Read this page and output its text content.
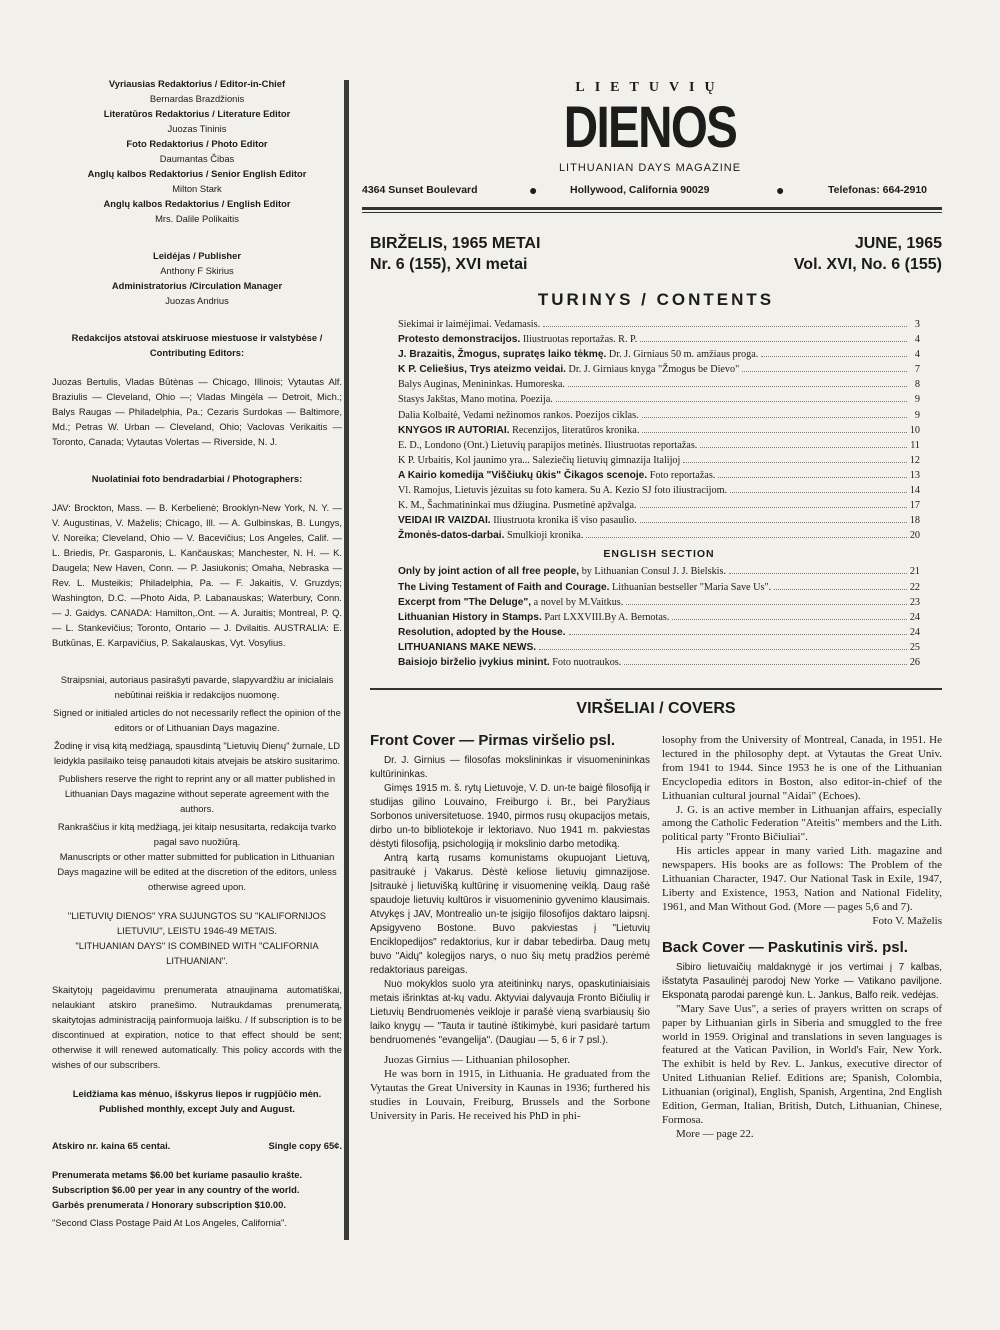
Vyriausias Redaktorius / Editor-in-Chief
Bernardas Brazdžionis
Literatūros Redaktorius / Literature Editor
Juozas Tininis
Foto Redaktorius / Photo Editor
Daumantas Čibas
Anglų kalbos Redaktorius / Senior English Editor
Milton Stark
Anglų kalbos Redaktorius / English Editor
Mrs. Dalile Polikaitis
Leidėjas / Publisher
Anthony F Skirius
Administratorius /Circulation Manager
Juozas Andrius
Redakcijos atstovai atskiruose miestuose ir valstybėse / Contributing Editors:
Juozas Bertulis, Vladas Būtėnas — Chicago, Illinois; Vytautas Alf. Braziulis — Cleveland, Ohio —; Vladas Mingėla — Detroit, Mich.; Balys Raugas — Philadelphia, Pa.; Cezaris Surdokas — Baltimore, Md.; Petras W. Urban — Cleveland, Ohio; Vaclovas Verikaitis — Toronto, Canada; Vytautas Volertas — Riverside, N. J.
Nuolatiniai foto bendradarbiai / Photographers:
JAV: Brockton, Mass. — B. Kerbelienė; Brooklyn-New York, N. Y. — V. Augustinas, V. Maželis; Chicago, Ill. — A. Gulbinskas, B. Lungys, V. Noreika; Cleveland, Ohio — V. Bacevičius; Los Angeles, Calif. — L. Briedis, Pr. Gasparonis, L. Kančauskas; Manchester, N. H. — K. Daugela; New Haven, Conn. — P. Jasiukonis; Omaha, Nebraska — Rev. L. Musteikis; Philadelphia, Pa. — F. Jakaitis, V. Gruzdys; Washington, D.C. —Photo Aida, P. Labanauskas; Waterbury, Conn. — J. Gaidys. CANADA: Hamilton,.Ont. — A. Juraitis; Montreal, P. Q. — L. Stankevičius; Toronto, Ontario — J. Dvilaitis. AUSTRALIA: E. Butkūnas, E. Karpavičius, P. Sakalauskas, Vyt. Vosylius.
Straipsniai, autoriaus pasirašyti pavarde, slapyvardžiu ar inicialais nebūtinai reiškia ir redakcijos nuomonę.
Signed or initialed articles do not necessarily reflect the opinion of the editors or of Lithuanian Days magazine.
Žodinę ir visą kitą medžiagą, spausdintą "Lietuvių Dienų" žurnale, LD leidykla pasilaiko teisę panaudoti kitais atvejais be atskiro susitarimo.
Publishers reserve the right to reprint any or all matter published in Lithuanian Days magazine without seperate agreement with the authors.
Rankraščius ir kitą medžiagą, jei kitaip nesusitarta, redakcija tvarko pagal savo nuožiūrą.
Manuscripts or other matter submitted for publication in Lithuanian Days magazine will be edited at the discretion of the editors, unless otherwise agreed upon.
"LIETUVIŲ DIENOS" YRA SUJUNGTOS SU "KALIFORNIJOS LIETUVIU", LEISTU 1946-49 METAIS.
"LITHUANIAN DAYS" IS COMBINED WITH "CALIFORNIA LITHUANIAN".
Skaitytojų pageidavimu prenumerata atnaujinama automatiškai, nelaukiant atskiro pranešimo. Nutraukdamas prenumeratą, skaitytojas administraciją painformuoja laišku. / If subscription is to be discontinued at expiration, notice to that effect should be sent; otherwise it will renewed automatically. This policy accords with the wishes of our subscribers.
Leidžiama kas mėnuo, išskyrus liepos ir rugpjūčio mėn.
Published monthly, except July and August.
Atskiro nr. kaina 65 centai.	Single copy 65¢.
Prenumerata metams $6.00 bet kuriame pasaulio krašte.
Subscription $6.00 per year in any country of the world.
Garbės prenumerata / Honorary subscription $10.00.
"Second Class Postage Paid At Los Angeles, California".
LIETUVIŲ
DIENOS
LITHUANIAN DAYS MAGAZINE
4364 Sunset Boulevard	●	Hollywood, California 90029	●	Telefonas: 664-2910
BIRŽELIS, 1965 METAI
Nr. 6 (155), XVI metai
JUNE, 1965
Vol. XVI, No. 6 (155)
TURINYS / CONTENTS
Siekimai ir laimėjimai. Vedamasis.	3
Protesto demonstracijos. Iliustruotas reportažas. R. P.	4
J. Brazaitis, Žmogus, supratęs laiko tėkmę. Dr. J. Girniaus 50 m. amžiaus proga.	4
K P. Celiešius, Trys ateizmo veidai. Dr. J. Girniaus knyga "Žmogus be Dievo"	7
Balys Auginas, Menininkas. Humoreska.	8
Stasys Jakštas, Mano motina. Poezija.	9
Dalia Kolbaitė, Vedami nežinomos rankos. Poezijos ciklas.	9
KNYGOS IR AUTORIAI. Recenzijos, literatūros kronika.	10
E. D., Londono (Ont.) Lietuvių parapijos metinės. Iliustruotas reportažas.	11
K P. Urbaitis, Kol jaunimo yra... Saleziečių lietuvių gimnazija Italijoj	12
A Kairio komedija "Viščiukų ūkis" Čikagos scenoje. Foto reportažas.	13
Vl. Ramojus, Lietuvis jėzuitas su foto kamera. Su A. Kezio SJ foto iliustracijom.	14
K. M., Šachmatininkai mus džiugina. Pusmetinė apžvalga.	17
VEIDAI IR VAIZDAI. Iliustruota kronika iš viso pasaulio.	18
Žmonės-datos-darbai. Smulkioji kronika.	20
ENGLISH SECTION
Only by joint action of all free people, by Lithuanian Consul J. J. Bielskis.	21
The Living Testament of Faith and Courage. Lithuanian bestseller "Maria Save Us".	22
Excerpt from "The Deluge", a novel by M.Vaitkus.	23
Lithuanian History in Stamps. Part LXXVIII.By A. Bernotas.	24
Resolution, adopted by the House.	24
LITHUANIANS MAKE NEWS.	25
Baisiojo birželio įvykius minint. Foto nuotraukos.	26
VIRŠELIAI / COVERS
Front Cover — Pirmas viršelio psl.

Dr. J. Girnius — filosofas mokslininkas ir visuomenininkas kultūrininkas.

Gimęs 1915 m. š. rytų Lietuvoje, V. D. un-te baigė filosofiją ir studijas gilino Louvaino, Freiburgo i. Br., bei Paryžiaus Sorbonos universitetuose. 1940, pirmos rusų okupacijos metais, dirbo un-to bibliotekoje ir lektoriavo. Nuo 1941 m. pakviestas dėstyti filosofiją, psichologiją ir mokslinio darbo metodiką.

Antrą kartą rusams komunistams okupuojant Lietuvą, pasitraukė į Vakarus. Dėstė keliose lietuvių gimnazijose. Įsitraukė į lietuvišką kultūrinę ir visuomeninę veiklą. Daug rašė spaudoje lietuvių kultūros ir visuomeninio gyvenimo klausimais. Atvykęs į JAV, Montrealio un-te įsigijo filosofijos daktaro laipsnį. Apsigyveno Bostone. Buvo pakviestas į "Lietuvių Enciklopedijos" redaktorius, kur ir dabar tebedirba. Daug metų buvo "Aidų" kolegijos narys, o nuo šių metų pradžios perėmė redaktoriaus pareigas.

Nuo mokyklos suolo yra ateitininkų narys, opaskutiniaisiais metais išrinktas at-kų vadu. Aktyviai dalyvauja Fronto Bičiulių ir Lietuvių Bendruomenės veikloje ir parašė vieną svarbiausių šio laiko knygų — "Tauta ir tautinė ištikimybė, kuri pasidarė tartum bendruomenės "evangelija". (Daugiau — 5, 6 ir 7 psl.).

Juozas Girnius — Lithuanian philosopher.

He was born in 1915, in Lithuania. He graduated from the Vytautas the Great University in Kaunas in 1936; furthered his studies in Louvain, Freiburg, Brussels and the Sorbone University in Paris. He received his PhD in phi-

losophy from the University of Montreal, Canada, in 1951. He lectured in the philosophy dept. at Vytautas the Great Univ. from 1941 to 1944. Since 1953 he is one of the Lithuanian Encyclopedia editors in Boston, also editor-in-chief of the Lithuanian cultural journal "Aidai" (Echoes).

J. G. is an active member in Lithuanjan affairs, especially among the Catholic Federation "Ateitis" members and the Lith. political party "Fronto Bičiuliai".

His articles appear in many varied Lith. magazine and newspapers. His books are as follows: The Problem of the Lithuanian Character, 1947. Our National Task in Exile, 1947, Liberty and Existence, 1953, Nation and National Fidelity, 1961, and Man Without God. (More — pages 5,6 and 7).

Foto V. Maželis

Back Cover — Paskutinis virš. psl.

Sibiro lietuvaičių maldaknygė ir jos vertimai į 7 kalbas, išstatyta Pasaulinėj parodoj New Yorke — Vatikano paviljone. Eksponatą parodai parengė kun. L. Jankus, Balfo reik. vedėjas.

"Mary Save Uus", a series of prayers written on scraps of paper by Lithuanian girls in Siberia and smuggled to the free world in 1959. Original and translations in seven languages is featured at the Vatican Pavilion, in World's Fair, New York. The exhibit is held by Rev. L. Jankus, executive director of United Lithuanian Relief. Editions are; Spanish, Colombia, Lithuanian (original), English, Spanish, Argentina, 2nd English Edition, German, Italian, British, Dutch, Lithuanian, Chinese, Formosa.

More — page 22.
